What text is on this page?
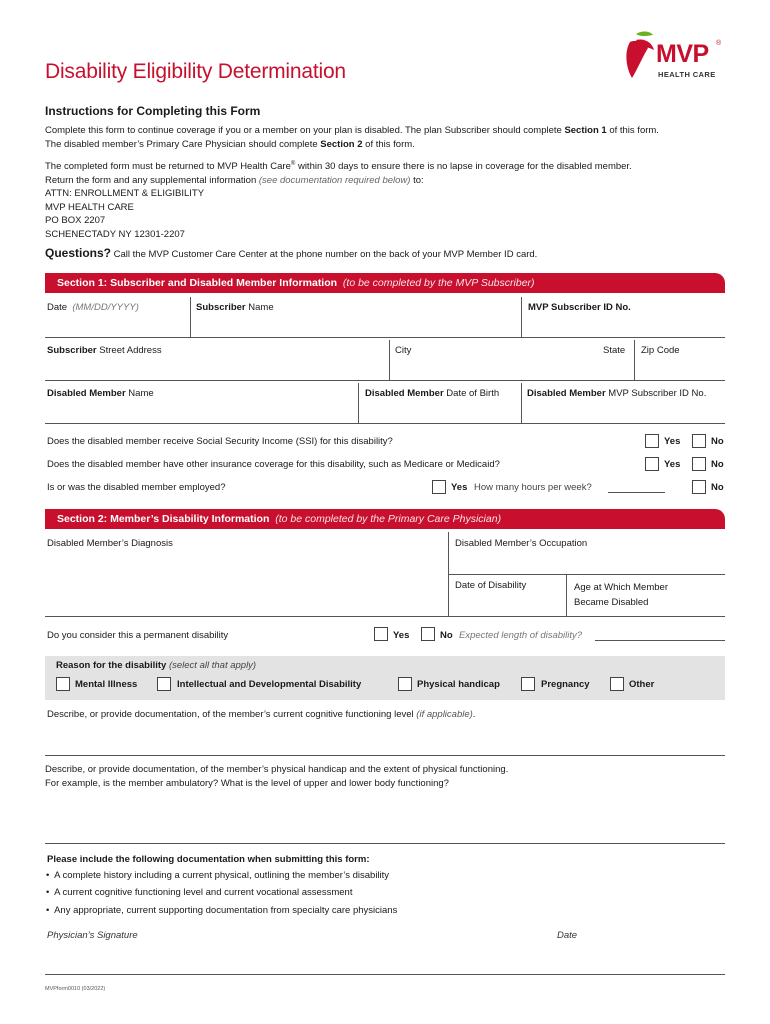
Disability Eligibility Determination
MVP ®
HEALTH CARE
Instructions for Completing this Form
Complete this form to continue coverage if you or a member on your plan is disabled. The plan Subscriber should complete Section 1 of this form.
The disabled member’s Primary Care Physician should complete Section 2 of this form.
The completed form must be returned to MVP Health Care® within 30 days to ensure there is no lapse in coverage for the disabled member.
Return the form and any supplemental information (see documentation required below) to:
ATTN: ENROLLMENT & ELIGIBILITY
MVP HEALTH CARE
PO BOX 2207
SCHENECTADY NY 12301-2207
Questions? Call the MVP Customer Care Center at the phone number on the back of your MVP Member ID card.
Section 1: Subscriber and Disabled Member Information (to be completed by the MVP Subscriber)
Date (MM/DD/YYYY)	Subscriber Name	MVP Subscriber ID No.
Subscriber Street Address	City	State Zip Code
Disabled Member Name	Disabled Member Date of Birth	Disabled Member MVP Subscriber ID No.
Does the disabled member receive Social Security Income (SSI) for this disability?	Yes	No
Does the disabled member have other insurance coverage for this disability, such as Medicare or Medicaid?	Yes	No
Is or was the disabled member employed?	Yes How many hours per week?	No
Section 2: Member’s Disability Information (to be completed by the Primary Care Physician)
Disabled Member’s Diagnosis	Disabled Member’s Occupation
Date of Disability	Age at Which Member
Became Disabled
Do you consider this a permanent disability	Yes	No Expected length of disability?
Reason for the disability (select all that apply)
Mental Illness	Intellectual and Developmental Disability	Physical handicap	Pregnancy	Other
Describe, or provide documentation, of the member’s current cognitive functioning level (if applicable).
Describe, or provide documentation, of the member’s physical handicap and the extent of physical functioning.
For example, is the member ambulatory? What is the level of upper and lower body functioning?
Please include the following documentation when submitting this form:
•  A complete history including a current physical, outlining the member’s disability
•  A current cognitive functioning level and current vocational assessment
•  Any appropriate, current supporting documentation from specialty care physicians
Physician’s Signature	Date
MVPform0010 (03/2022)
